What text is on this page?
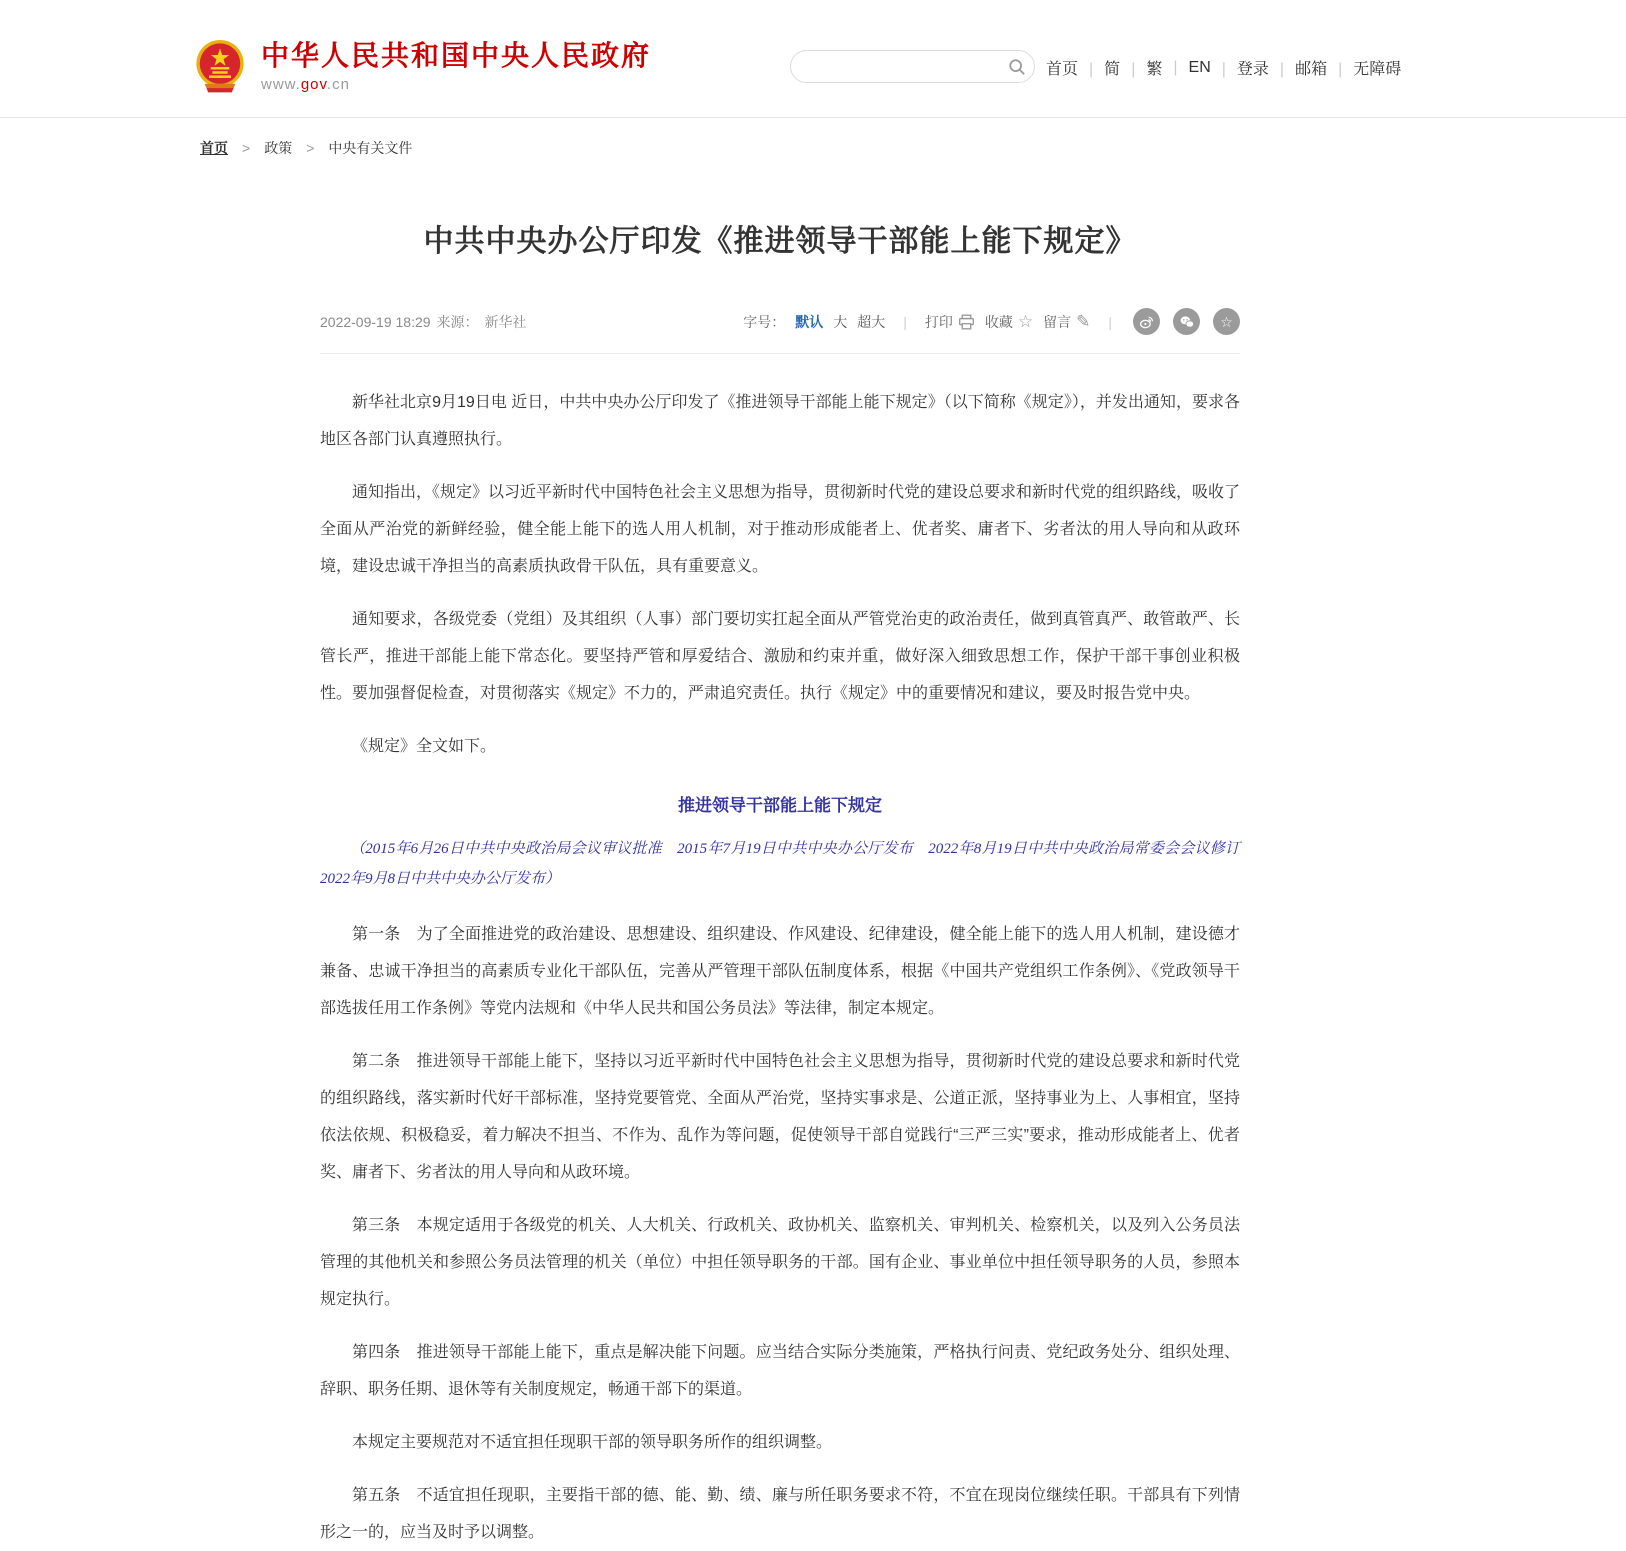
中华人民共和国中央人民政府
www.gov.cn
首页	| 简	| 繁	| EN	| 登录	| 邮箱	| 无障碍
首页	> 政策	> 中央有关文件
中共中央办公厅印发《推进领导干部能上能下规定》
2022-09-19 18:29 来源： 新华社	字号： 默认 大 超大 | 打印 收藏 ☆ 留言 ✎ |	☆

新华社北京9月19日电 近日，中共中央办公厅印发了《推进领导干部能上能下规定》（以下简称《规定》），并发出通知，要求各地区各部门认真遵照执行。

通知指出，《规定》以习近平新时代中国特色社会主义思想为指导，贯彻新时代党的建设总要求和新时代党的组织路线，吸收了全面从严治党的新鲜经验，健全能上能下的选人用人机制，对于推动形成能者上、优者奖、庸者下、劣者汰的用人导向和从政环境，建设忠诚干净担当的高素质执政骨干队伍，具有重要意义。

通知要求，各级党委（党组）及其组织（人事）部门要切实扛起全面从严管党治吏的政治责任，做到真管真严、敢管敢严、长管长严，推进干部能上能下常态化。要坚持严管和厚爱结合、激励和约束并重，做好深入细致思想工作，保护干部干事创业积极性。要加强督促检查，对贯彻落实《规定》不力的，严肃追究责任。执行《规定》中的重要情况和建议，要及时报告党中央。

《规定》全文如下。

推进领导干部能上能下规定

（2015年6月26日中共中央政治局会议审议批准　2015年7月19日中共中央办公厅发布　2022年8月19日中共中央政治局常委会会议修订　2022年9月8日中共中央办公厅发布）

第一条　为了全面推进党的政治建设、思想建设、组织建设、作风建设、纪律建设，健全能上能下的选人用人机制，建设德才兼备、忠诚干净担当的高素质专业化干部队伍，完善从严管理干部队伍制度体系，根据《中国共产党组织工作条例》、《党政领导干部选拔任用工作条例》等党内法规和《中华人民共和国公务员法》等法律，制定本规定。

第二条　推进领导干部能上能下，坚持以习近平新时代中国特色社会主义思想为指导，贯彻新时代党的建设总要求和新时代党的组织路线，落实新时代好干部标准，坚持党要管党、全面从严治党，坚持实事求是、公道正派，坚持事业为上、人事相宜，坚持依法依规、积极稳妥，着力解决不担当、不作为、乱作为等问题，促使领导干部自觉践行“三严三实”要求，推动形成能者上、优者奖、庸者下、劣者汰的用人导向和从政环境。

第三条　本规定适用于各级党的机关、人大机关、行政机关、政协机关、监察机关、审判机关、检察机关，以及列入公务员法管理的其他机关和参照公务员法管理的机关（单位）中担任领导职务的干部。国有企业、事业单位中担任领导职务的人员，参照本规定执行。

第四条　推进领导干部能上能下，重点是解决能下问题。应当结合实际分类施策，严格执行问责、党纪政务处分、组织处理、辞职、职务任期、退休等有关制度规定，畅通干部下的渠道。

本规定主要规范对不适宜担任现职干部的领导职务所作的组织调整。

第五条　不适宜担任现职，主要指干部的德、能、勤、绩、廉与所任职务要求不符，不宜在现岗位继续任职。干部具有下列情形之一的，应当及时予以调整。
